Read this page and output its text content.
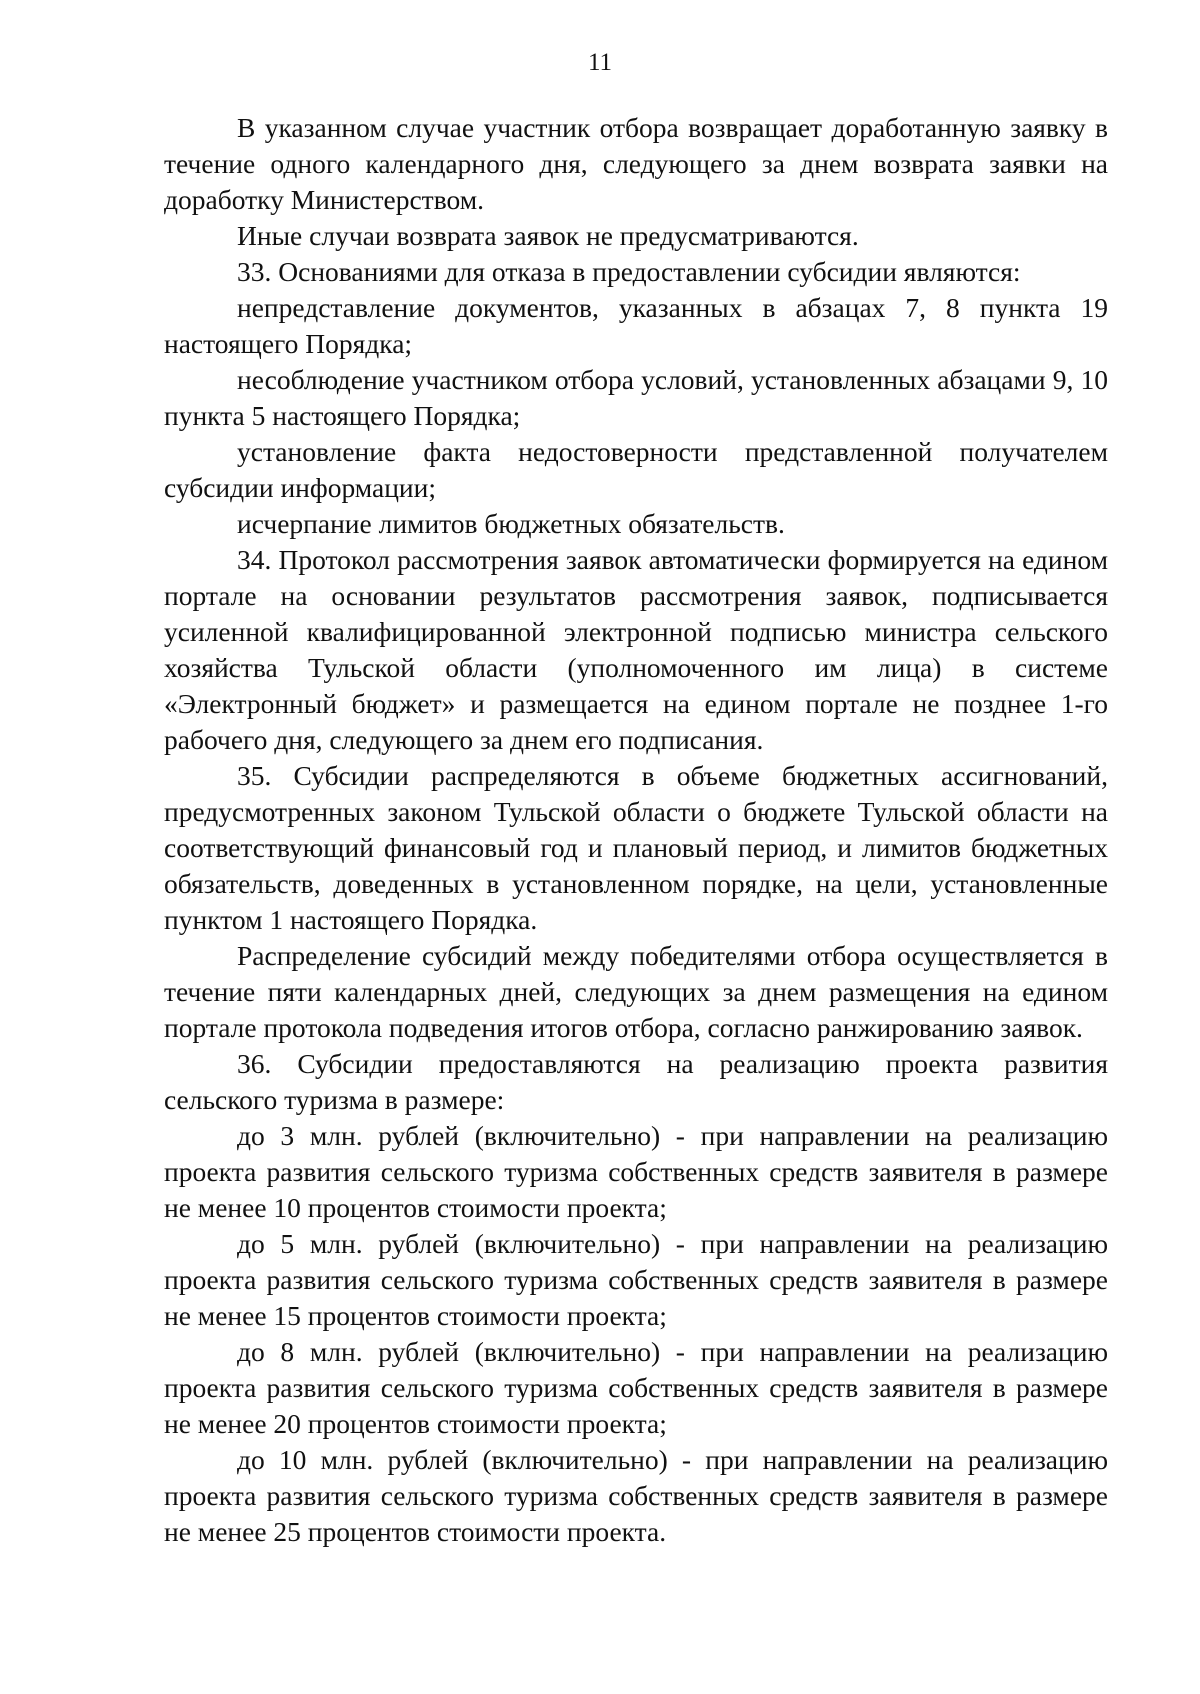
11

В указанном случае участник отбора возвращает доработанную заявку в течение одного календарного дня, следующего за днем возврата заявки на доработку Министерством.

Иные случаи возврата заявок не предусматриваются.

33. Основаниями для отказа в предоставлении субсидии являются:

непредставление документов, указанных в абзацах 7, 8 пункта 19 настоящего Порядка;

несоблюдение участником отбора условий, установленных абзацами 9, 10 пункта 5 настоящего Порядка;

установление факта недостоверности представленной получателем субсидии информации;

исчерпание лимитов бюджетных обязательств.

34. Протокол рассмотрения заявок автоматически формируется на едином портале на основании результатов рассмотрения заявок, подписывается усиленной квалифицированной электронной подписью министра сельского хозяйства Тульской области (уполномоченного им лица) в системе «Электронный бюджет» и размещается на едином портале не позднее 1-го рабочего дня, следующего за днем его подписания.

35. Субсидии распределяются в объеме бюджетных ассигнований, предусмотренных законом Тульской области о бюджете Тульской области на соответствующий финансовый год и плановый период, и лимитов бюджетных обязательств, доведенных в установленном порядке, на цели, установленные пунктом 1 настоящего Порядка.

Распределение субсидий между победителями отбора осуществляется в течение пяти календарных дней, следующих за днем размещения на едином портале протокола подведения итогов отбора, согласно ранжированию заявок.

36. Субсидии предоставляются на реализацию проекта развития сельского туризма в размере:

до 3 млн. рублей (включительно) - при направлении на реализацию проекта развития сельского туризма собственных средств заявителя в размере не менее 10 процентов стоимости проекта;

до 5 млн. рублей (включительно) - при направлении на реализацию проекта развития сельского туризма собственных средств заявителя в размере не менее 15 процентов стоимости проекта;

до 8 млн. рублей (включительно) - при направлении на реализацию проекта развития сельского туризма собственных средств заявителя в размере не менее 20 процентов стоимости проекта;

до 10 млн. рублей (включительно) - при направлении на реализацию проекта развития сельского туризма собственных средств заявителя в размере не менее 25 процентов стоимости проекта.
